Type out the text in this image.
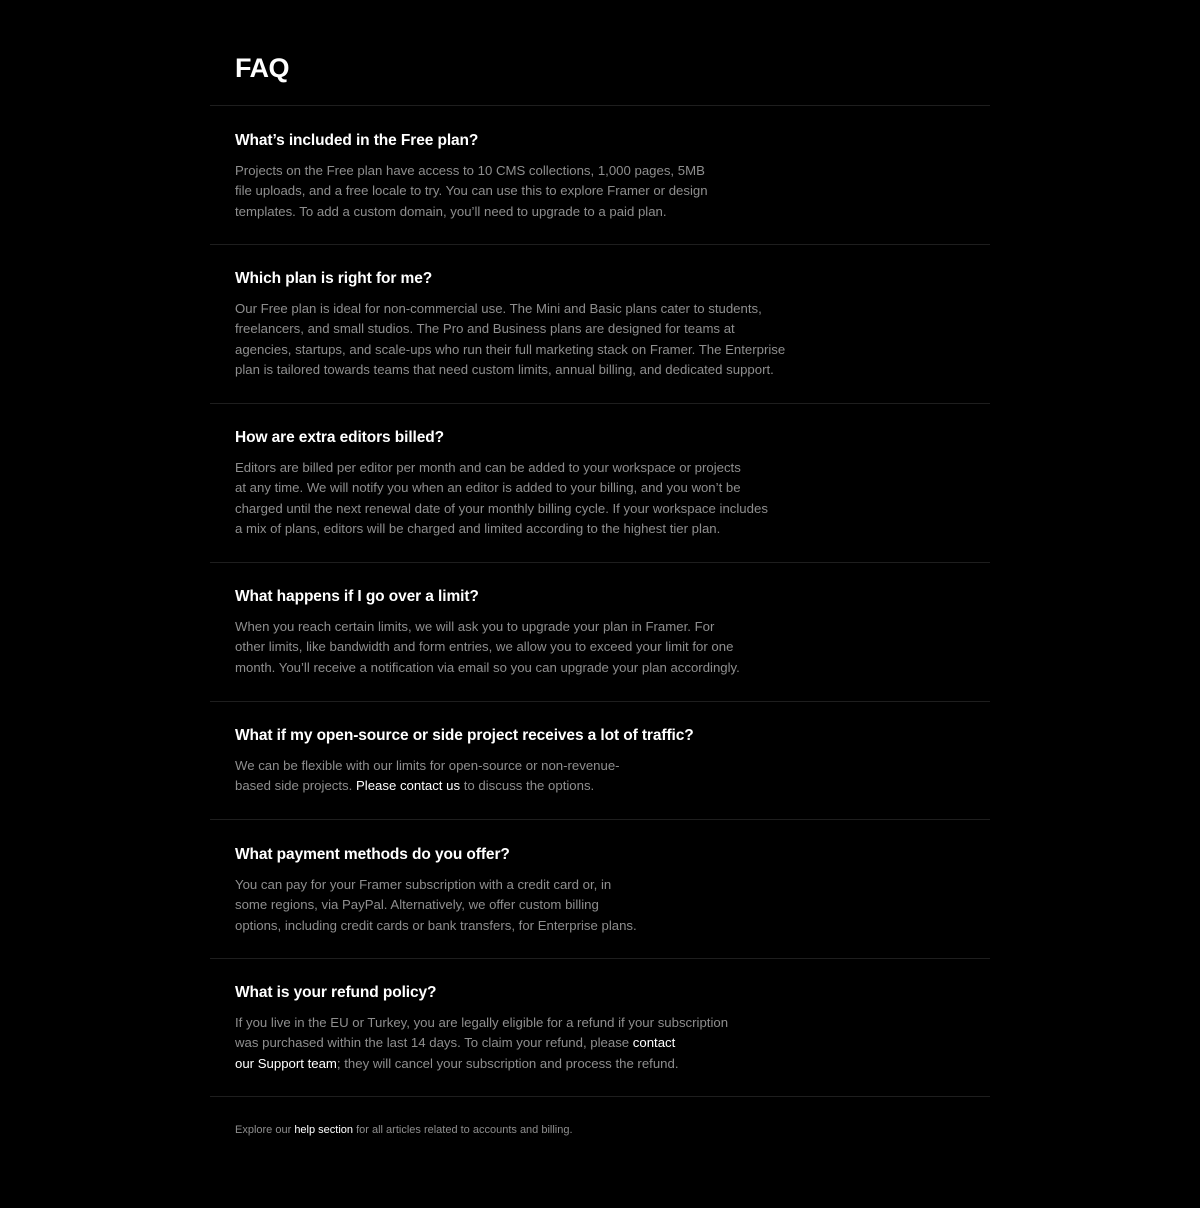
FAQ
What’s included in the Free plan?

Projects on the Free plan have access to 10 CMS collections, 1,000 pages, 5MB
file uploads, and a free locale to try. You can use this to explore Framer or design
templates. To add a custom domain, you’ll need to upgrade to a paid plan.

Which plan is right for me?

Our Free plan is ideal for non-commercial use. The Mini and Basic plans cater to students,
freelancers, and small studios. The Pro and Business plans are designed for teams at
agencies, startups, and scale-ups who run their full marketing stack on Framer. The Enterprise
plan is tailored towards teams that need custom limits, annual billing, and dedicated support.

How are extra editors billed?

Editors are billed per editor per month and can be added to your workspace or projects
at any time. We will notify you when an editor is added to your billing, and you won’t be
charged until the next renewal date of your monthly billing cycle. If your workspace includes
a mix of plans, editors will be charged and limited according to the highest tier plan.

What happens if I go over a limit?

When you reach certain limits, we will ask you to upgrade your plan in Framer. For
other limits, like bandwidth and form entries, we allow you to exceed your limit for one
month. You’ll receive a notification via email so you can upgrade your plan accordingly.

What if my open-source or side project receives a lot of traffic?

We can be flexible with our limits for open-source or non-revenue-
based side projects. Please contact us to discuss the options.

What payment methods do you offer?

You can pay for your Framer subscription with a credit card or, in
some regions, via PayPal. Alternatively, we offer custom billing
options, including credit cards or bank transfers, for Enterprise plans.

What is your refund policy?

If you live in the EU or Turkey, you are legally eligible for a refund if your subscription
was purchased within the last 14 days. To claim your refund, please contact
our Support team; they will cancel your subscription and process the refund.

Explore our help section for all articles related to accounts and billing.
